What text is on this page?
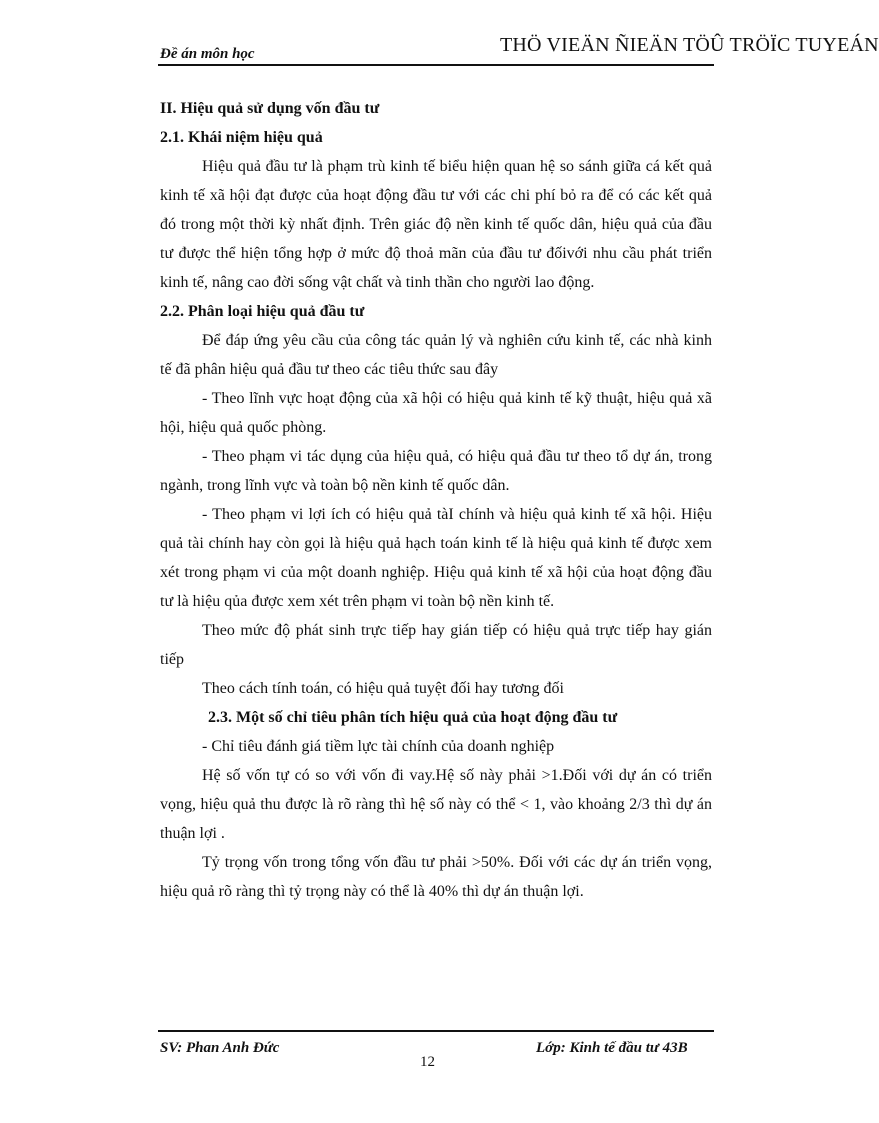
Đề án môn học	THÖ VIEÄN ÑIEÄN TÖÛ TRÖÏC TUYEÁN

II. Hiệu quả sử dụng vốn đầu tư

2.1. Khái niệm hiệu quả

Hiệu quả đầu tư là phạm trù kinh tế biểu hiện quan hệ so sánh giữa cá kết quả kinh tế xã hội đạt được của hoạt động đầu tư với các chi phí bỏ ra để có các kết quả đó trong một thời kỳ nhất định. Trên giác độ nền kinh tế quốc dân, hiệu quả của đầu tư được thể hiện tổng hợp ở mức độ thoả mãn của đầu tư đốivới nhu cầu phát triển kinh tế, nâng cao đời sống vật chất và tinh thần cho người lao động.

2.2. Phân loại hiệu quả đầu tư

Để đáp ứng yêu cầu của công tác quản lý và nghiên cứu kinh tế, các nhà kinh tế đã phân hiệu quả đầu tư theo các tiêu thức sau đây

- Theo lĩnh vực hoạt động của xã hội có hiệu quả kinh tế kỹ thuật, hiệu quả xã hội, hiệu quả quốc phòng.

- Theo phạm vi tác dụng của hiệu quả, có hiệu quả đầu tư theo tổ dự án, trong ngành, trong lĩnh vực và toàn bộ nền kinh tế quốc dân.

- Theo phạm vi lợi ích có hiệu quả tàI chính và hiệu quả kinh tế xã hội. Hiệu quả tài chính hay còn gọi là hiệu quả hạch toán kinh tế là hiệu quả kinh tế được xem xét trong phạm vi của một doanh nghiệp. Hiệu quả kinh tế xã hội của hoạt động đầu tư là hiệu qủa được xem xét trên phạm vi toàn bộ nền kinh tế.

Theo mức độ phát sinh trực tiếp hay gián tiếp có hiệu quả trực tiếp hay gián tiếp

Theo cách tính toán, có hiệu quả tuyệt đối hay tương đối

2.3. Một số chỉ tiêu phân tích hiệu quả của hoạt động đầu tư

- Chỉ tiêu đánh giá tiềm lực tài chính của doanh nghiệp

Hệ số vốn tự có so với vốn đi vay.Hệ số này phải >1.Đối với dự án có triển vọng, hiệu quả thu được là rõ ràng thì hệ số này có thể < 1, vào khoảng 2/3 thì dự án thuận lợi .

Tỷ trọng vốn trong tổng vốn đầu tư phải >50%. Đối với các dự án triển vọng, hiệu quả rõ ràng thì tỷ trọng này có thể là 40% thì dự án thuận lợi.

SV: Phan Anh Đức	Lớp: Kinh tế đầu tư 43B
12
